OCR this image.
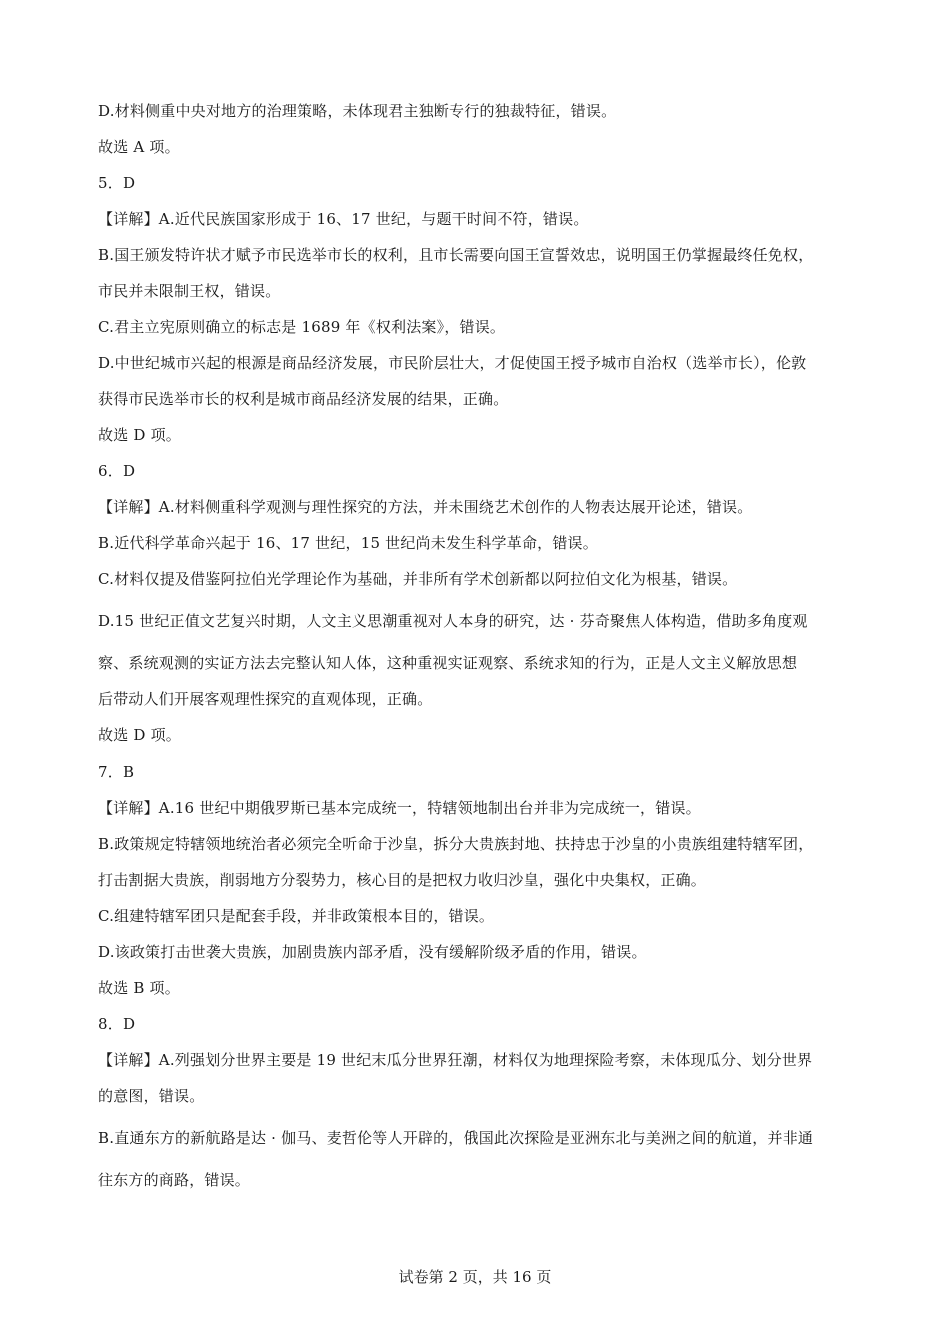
D.材料侧重中央对地方的治理策略，未体现君主独断专行的独裁特征，错误。
故选 A 项。
5．D
【详解】A.近代民族国家形成于 16、17 世纪，与题干时间不符，错误。
B.国王颁发特许状才赋予市民选举市长的权利，且市长需要向国王宣誓效忠，说明国王仍掌握最终任免权，
市民并未限制王权，错误。
C.君主立宪原则确立的标志是 1689 年《权利法案》，错误。
D.中世纪城市兴起的根源是商品经济发展，市民阶层壮大，才促使国王授予城市自治权（选举市长），伦敦
获得市民选举市长的权利是城市商品经济发展的结果，正确。
故选 D 项。
6．D
【详解】A.材料侧重科学观测与理性探究的方法，并未围绕艺术创作的人物表达展开论述，错误。
B.近代科学革命兴起于 16、17 世纪，15 世纪尚未发生科学革命，错误。
C.材料仅提及借鉴阿拉伯光学理论作为基础，并非所有学术创新都以阿拉伯文化为根基，错误。
D.15 世纪正值文艺复兴时期，人文主义思潮重视对人本身的研究，达 · 芬奇聚焦人体构造，借助多角度观
察、系统观测的实证方法去完整认知人体，这种重视实证观察、系统求知的行为，正是人文主义解放思想
后带动人们开展客观理性探究的直观体现，正确。
故选 D 项。
7．B
【详解】A.16 世纪中期俄罗斯已基本完成统一，特辖领地制出台并非为完成统一，错误。
B.政策规定特辖领地统治者必须完全听命于沙皇，拆分大贵族封地、扶持忠于沙皇的小贵族组建特辖军团，
打击割据大贵族，削弱地方分裂势力，核心目的是把权力收归沙皇，强化中央集权，正确。
C.组建特辖军团只是配套手段，并非政策根本目的，错误。
D.该政策打击世袭大贵族，加剧贵族内部矛盾，没有缓解阶级矛盾的作用，错误。
故选 B 项。
8．D
【详解】A.列强划分世界主要是 19 世纪末瓜分世界狂潮，材料仅为地理探险考察，未体现瓜分、划分世界
的意图，错误。
B.直通东方的新航路是达 · 伽马、麦哲伦等人开辟的，俄国此次探险是亚洲东北与美洲之间的航道，并非通
往东方的商路，错误。
试卷第 2 页，共 16 页
